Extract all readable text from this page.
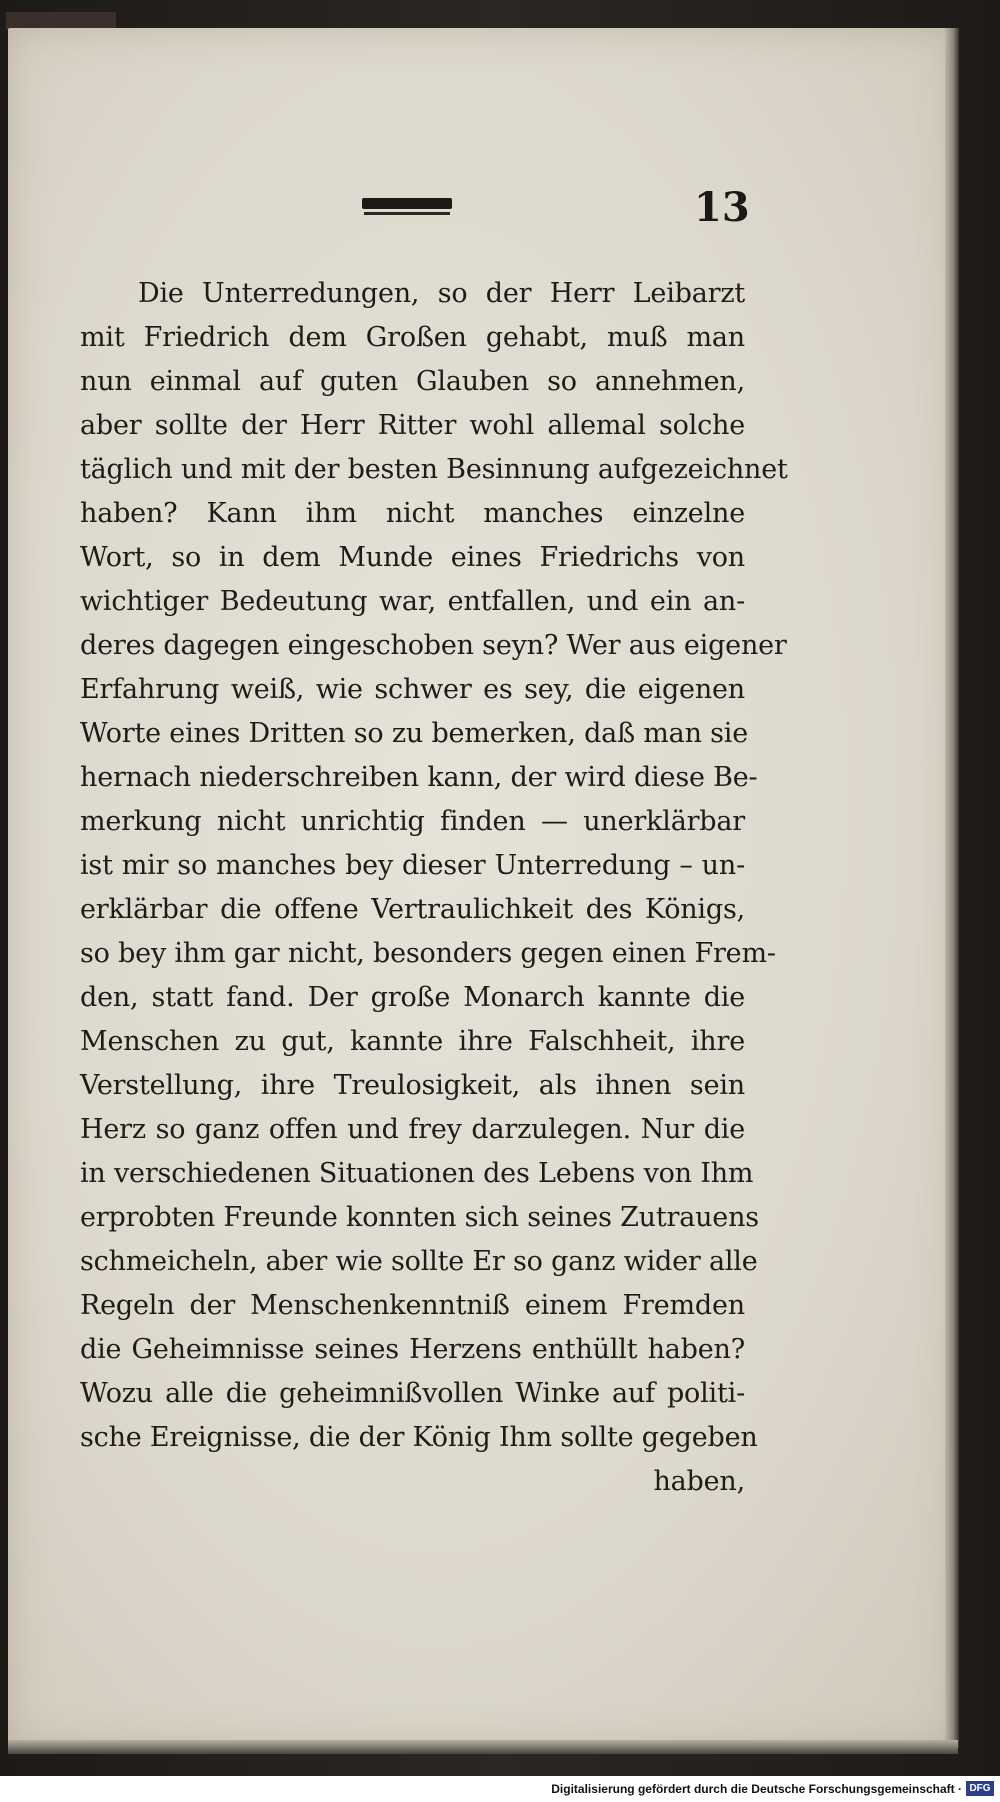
13
Die Unterredungen, so der Herr Leibarzt
mit Friedrich dem Großen gehabt, muß man
nun einmal auf guten Glauben so annehmen,
aber sollte der Herr Ritter wohl allemal solche
täglich und mit der besten Besinnung aufgezeichnet
haben? Kann ihm nicht manches einzelne
Wort, so in dem Munde eines Friedrichs von
wichtiger Bedeutung war, entfallen, und ein an-
deres dagegen eingeschoben seyn? Wer aus eigener
Erfahrung weiß, wie schwer es sey, die eigenen
Worte eines Dritten so zu bemerken, daß man sie
hernach niederschreiben kann, der wird diese Be-
merkung nicht unrichtig finden — unerklärbar
ist mir so manches bey dieser Unterredung – un-
erklärbar die offene Vertraulichkeit des Königs,
so bey ihm gar nicht, besonders gegen einen Frem-
den, statt fand. Der große Monarch kannte die
Menschen zu gut, kannte ihre Falschheit, ihre
Verstellung, ihre Treulosigkeit, als ihnen sein
Herz so ganz offen und frey darzulegen. Nur die
in verschiedenen Situationen des Lebens von Ihm
erprobten Freunde konnten sich seines Zutrauens
schmeicheln, aber wie sollte Er so ganz wider alle
Regeln der Menschenkenntniß einem Fremden
die Geheimnisse seines Herzens enthüllt haben?
Wozu alle die geheimnißvollen Winke auf politi-
sche Ereignisse, die der König Ihm sollte gegeben
haben,
Digitalisierung gefördert durch die Deutsche Forschungsgemeinschaft · DFG
